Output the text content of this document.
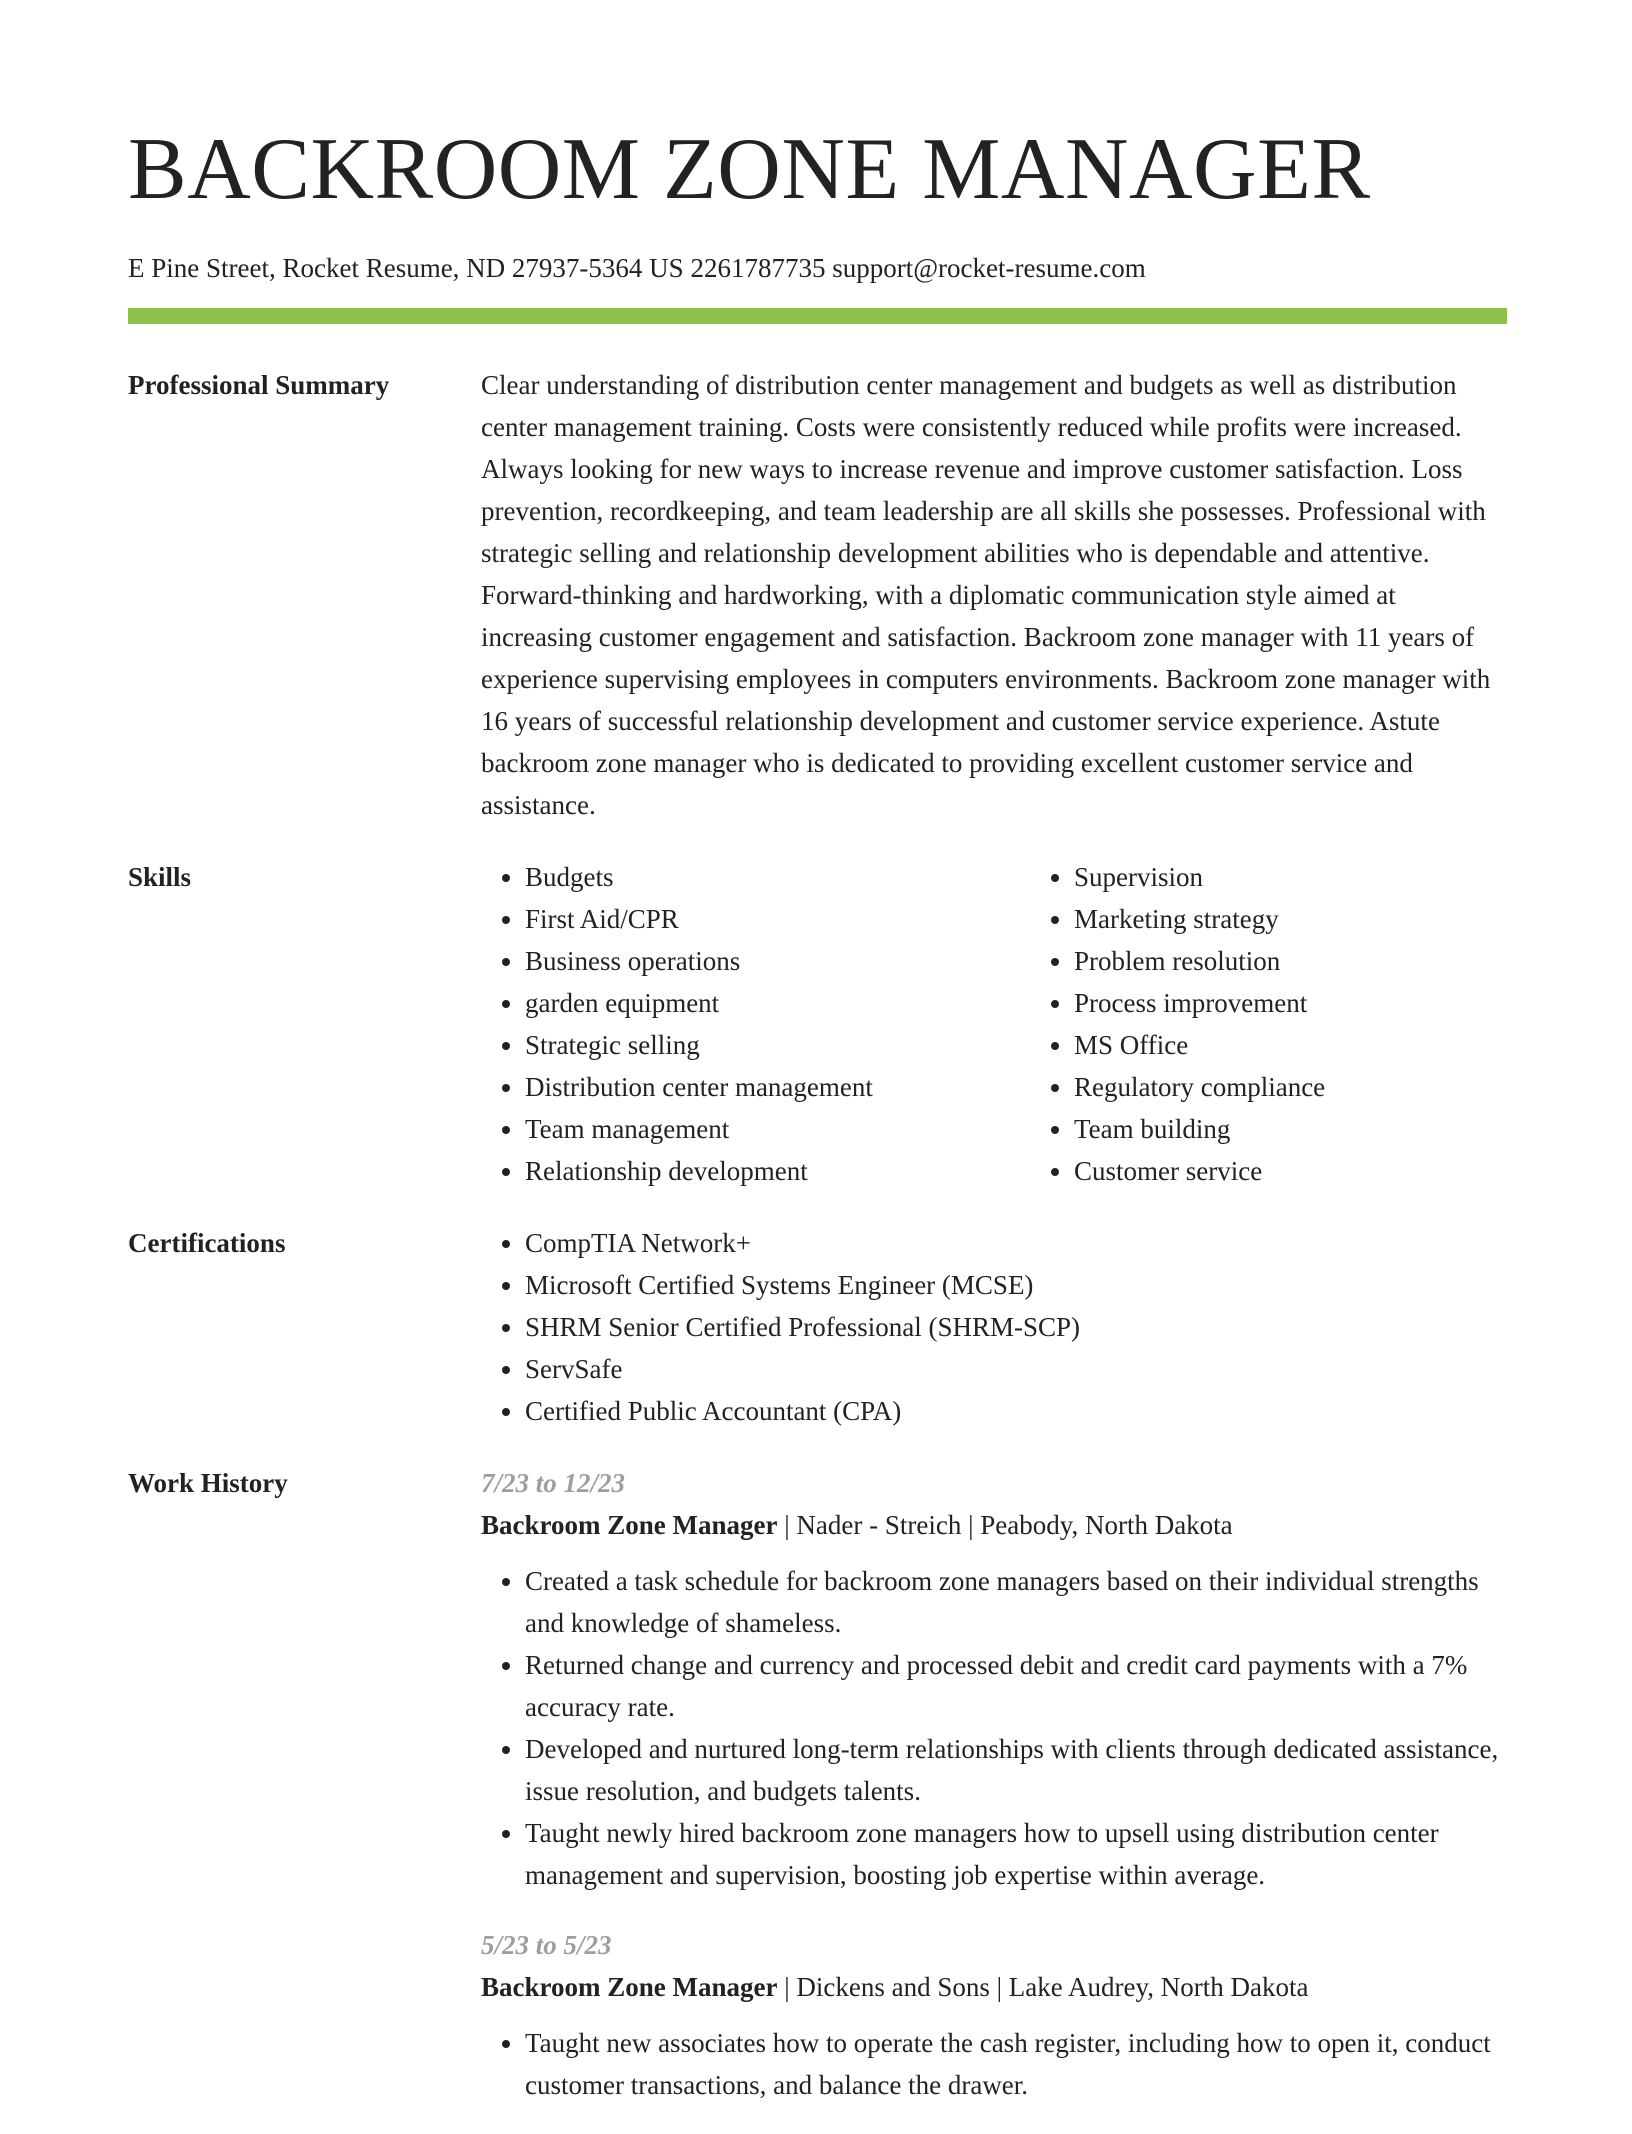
BACKROOM ZONE MANAGER
E Pine Street, Rocket Resume, ND 27937-5364 US 2261787735 support@rocket-resume.com
Professional Summary	Clear understanding of distribution center management and budgets as well as distribution center management training. Costs were consistently reduced while profits were increased. Always looking for new ways to increase revenue and improve customer satisfaction. Loss prevention, recordkeeping, and team leadership are all skills she possesses. Professional with strategic selling and relationship development abilities who is dependable and attentive. Forward-thinking and hardworking, with a diplomatic communication style aimed at increasing customer engagement and satisfaction. Backroom zone manager with 11 years of experience supervising employees in computers environments. Backroom zone manager with 16 years of successful relationship development and customer service experience. Astute backroom zone manager who is dedicated to providing excellent customer service and assistance.

Skills	• Budgets
• First Aid/CPR
• Business operations
• garden equipment
• Strategic selling
• Distribution center management
• Team management
• Relationship development
• Supervision
• Marketing strategy
• Problem resolution
• Process improvement
• MS Office
• Regulatory compliance
• Team building
• Customer service
Certifications	• CompTIA Network+
• Microsoft Certified Systems Engineer (MCSE)
• SHRM Senior Certified Professional (SHRM-SCP)
• ServSafe
• Certified Public Accountant (CPA)
Work History	7/23 to 12/23

Backroom Zone Manager | Nader - Streich | Peabody, North Dakota

• Created a task schedule for backroom zone managers based on their individual strengths and knowledge of shameless.
• Returned change and currency and processed debit and credit card payments with a 7% accuracy rate.
• Developed and nurtured long-term relationships with clients through dedicated assistance, issue resolution, and budgets talents.
• Taught newly hired backroom zone managers how to upsell using distribution center management and supervision, boosting job expertise within average.
5/23 to 5/23

Backroom Zone Manager | Dickens and Sons | Lake Audrey, North Dakota

• Taught new associates how to operate the cash register, including how to open it, conduct customer transactions, and balance the drawer.
